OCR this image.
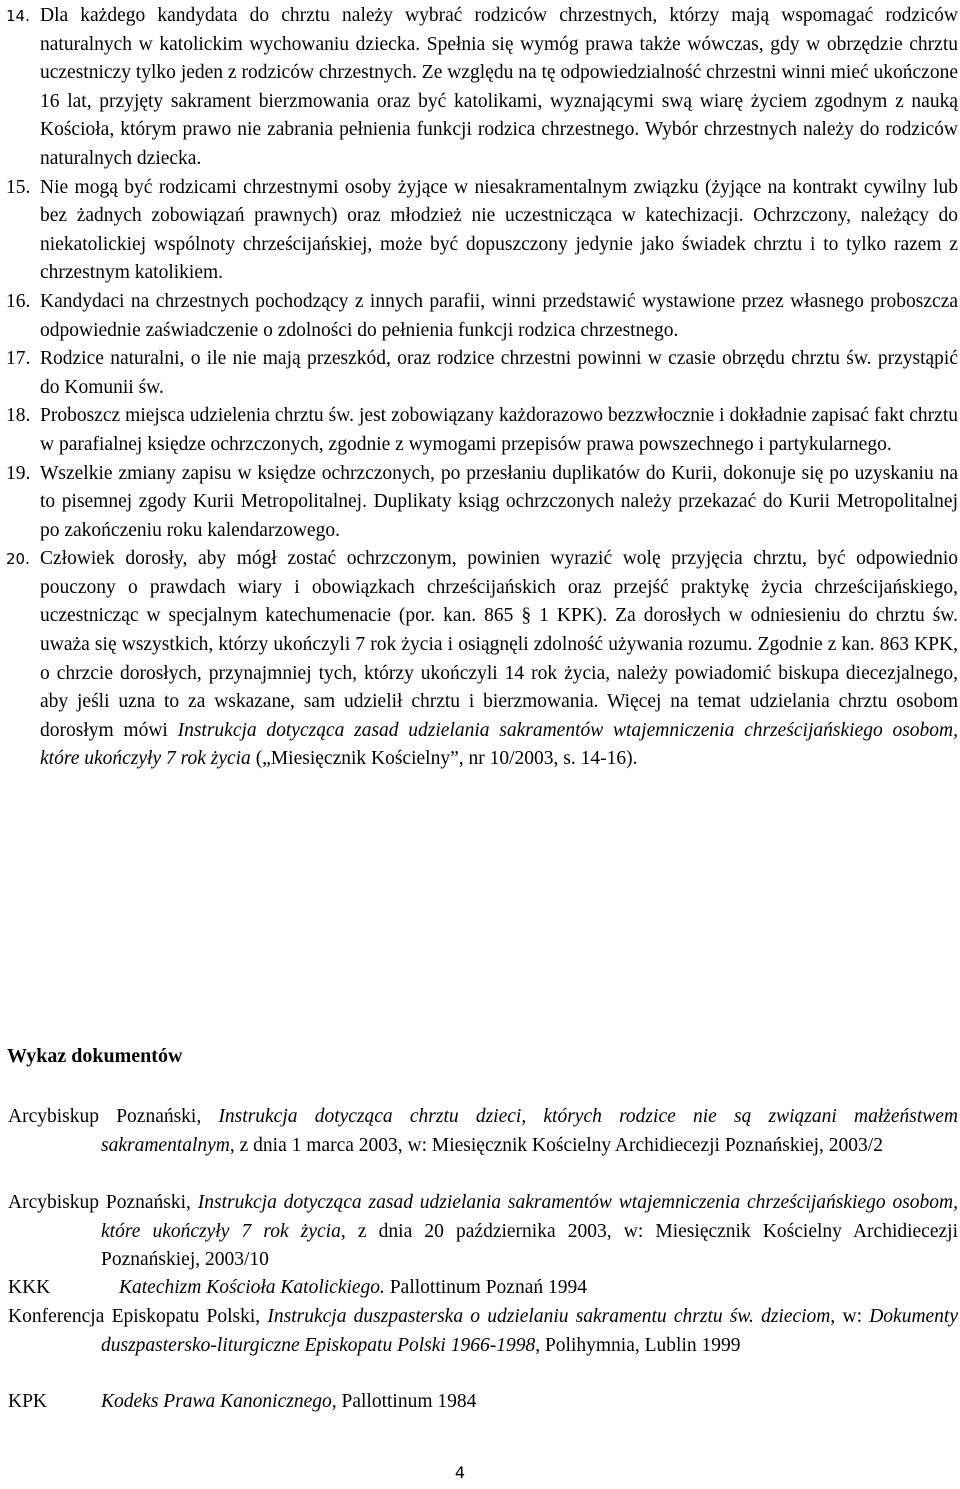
14. Dla każdego kandydata do chrztu należy wybrać rodziców chrzestnych, którzy mają wspomagać rodziców naturalnych w katolickim wychowaniu dziecka. Spełnia się wymóg prawa także wówczas, gdy w obrzędzie chrztu uczestniczy tylko jeden z rodziców chrzestnych. Ze względu na tę odpowiedzialność chrzestni winni mieć ukończone 16 lat, przyjęty sakrament bierzmowania oraz być katolikami, wyznającymi swą wiarę życiem zgodnym z nauką Kościoła, którym prawo nie zabrania pełnienia funkcji rodzica chrzestnego. Wybór chrzestnych należy do rodziców naturalnych dziecka.
15. Nie mogą być rodzicami chrzestnymi osoby żyjące w niesakramentalnym związku (żyjące na kontrakt cywilny lub bez żadnych zobowiązań prawnych) oraz młodzież nie uczestnicząca w katechizacji. Ochrzczony, należący do niekatolickiej wspólnoty chrześcijańskiej, może być dopuszczony jedynie jako świadek chrztu i to tylko razem z chrzestnym katolikiem.
16. Kandydaci na chrzestnych pochodzący z innych parafii, winni przedstawić wystawione przez własnego proboszcza odpowiednie zaświadczenie o zdolności do pełnienia funkcji rodzica chrzestnego.
17. Rodzice naturalni, o ile nie mają przeszkód, oraz rodzice chrzestni powinni w czasie obrzędu chrztu św. przystąpić do Komunii św.
18. Proboszcz miejsca udzielenia chrztu św. jest zobowiązany każdorazowo bezzwłocznie i dokładnie zapisać fakt chrztu w parafialnej księdze ochrzczonych, zgodnie z wymogami przepisów prawa powszechnego i partykularnego.
19. Wszelkie zmiany zapisu w księdze ochrzczonych, po przesłaniu duplikatów do Kurii, dokonuje się po uzyskaniu na to pisemnej zgody Kurii Metropolitalnej. Duplikaty ksiąg ochrzczonych należy przekazać do Kurii Metropolitalnej po zakończeniu roku kalendarzowego.
20. Człowiek dorosły, aby mógł zostać ochrzczonym, powinien wyrazić wolę przyjęcia chrztu, być odpowiednio pouczony o prawdach wiary i obowiązkach chrześcijańskich oraz przejść praktykę życia chrześcijańskiego, uczestnicząc w specjalnym katechumenacie (por. kan. 865 § 1 KPK). Za dorosłych w odniesieniu do chrztu św. uważa się wszystkich, którzy ukończyli 7 rok życia i osiągnęli zdolność używania rozumu. Zgodnie z kan. 863 KPK, o chrzcie dorosłych, przynajmniej tych, którzy ukończyli 14 rok życia, należy powiadomić biskupa diecezjalnego, aby jeśli uzna to za wskazane, sam udzielił chrztu i bierzmowania. Więcej na temat udzielania chrztu osobom dorosłym mówi Instrukcja dotycząca zasad udzielania sakramentów wtajemniczenia chrześcijańskiego osobom, które ukończyły 7 rok życia („Miesięcznik Kościelny”, nr 10/2003, s. 14-16).
Wykaz dokumentów
Arcybiskup Poznański, Instrukcja dotycząca chrztu dzieci, których rodzice nie są związani małżeństwem sakramentalnym, z dnia 1 marca 2003, w: Miesięcznik Kościelny Archidiecezji Poznańskiej, 2003/2
Arcybiskup Poznański, Instrukcja dotycząca zasad udzielania sakramentów wtajemniczenia chrześcijańskiego osobom, które ukończyły 7 rok życia, z dnia 20 października 2003, w: Miesięcznik Kościelny Archidiecezji Poznańskiej, 2003/10
KKK	Katechizm Kościoła Katolickiego. Pallottinum Poznań 1994
Konferencja Episkopatu Polski, Instrukcja duszpasterska o udzielaniu sakramentu chrztu św. dzieciom, w: Dokumenty duszpastersko-liturgiczne Episkopatu Polski 1966-1998, Polihymnia, Lublin 1999
KPK	Kodeks Prawa Kanonicznego, Pallottinum 1984
4
